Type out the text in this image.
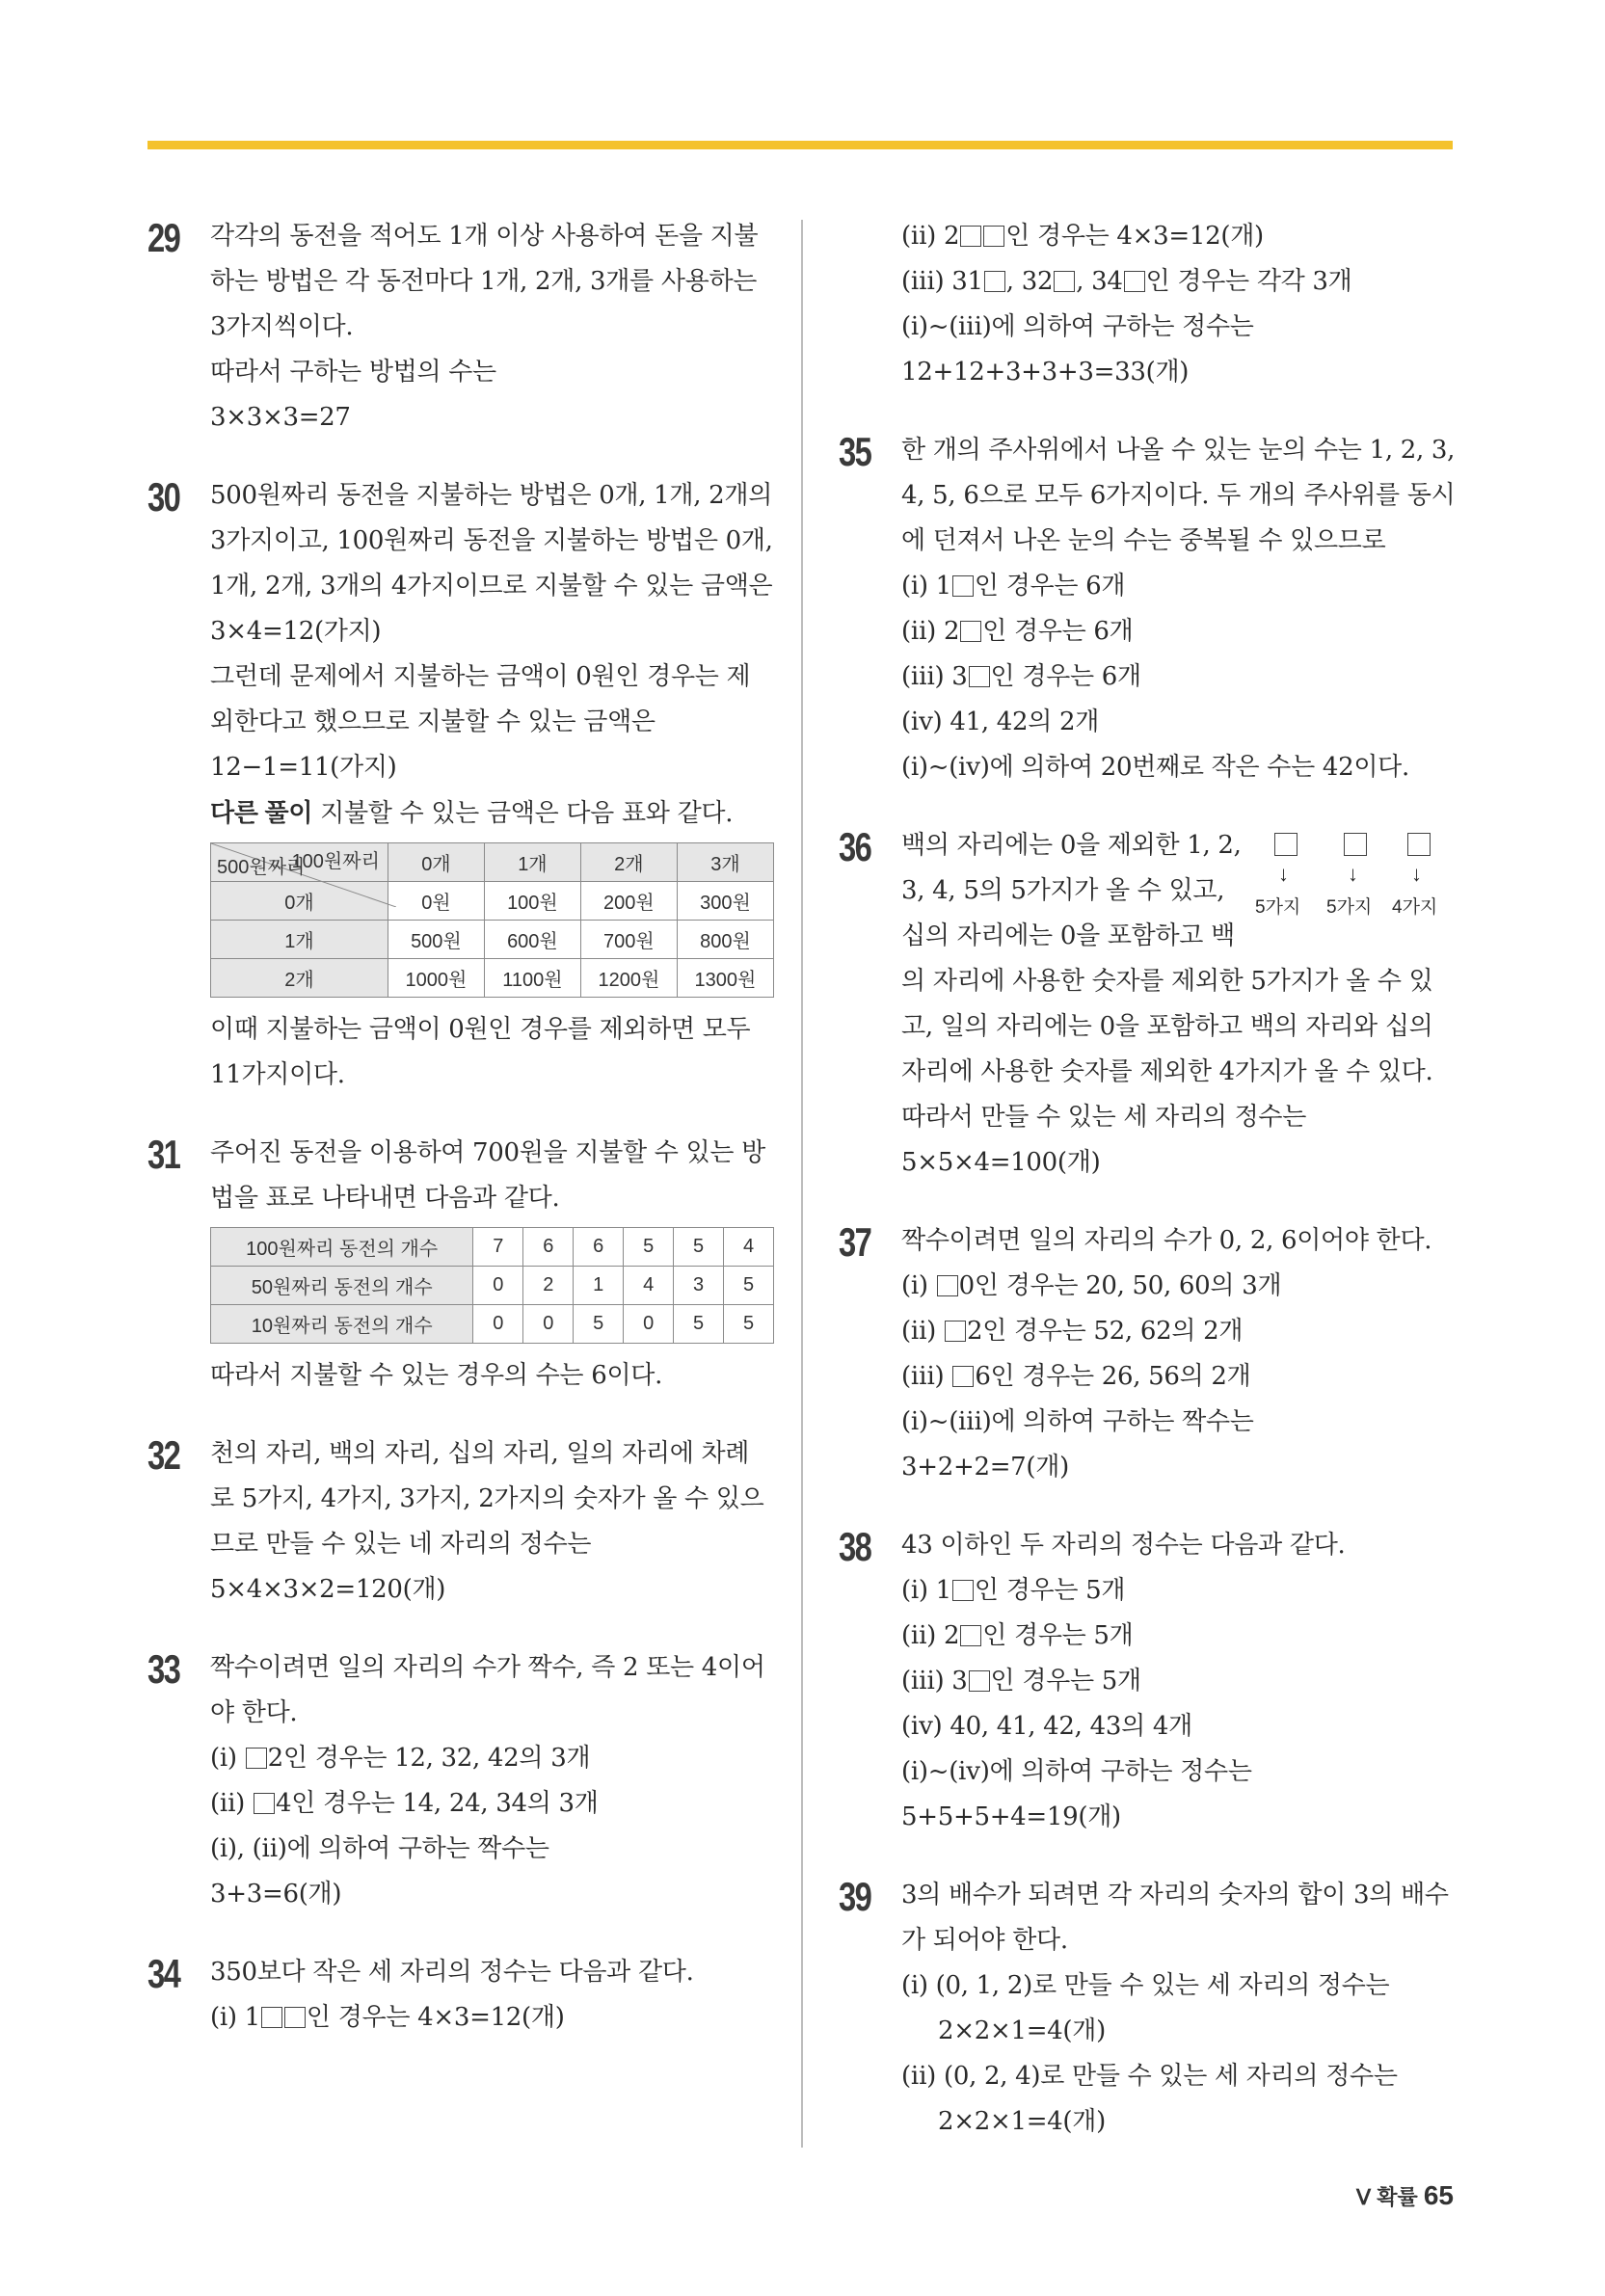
29 각각의 동전을 적어도 1개 이상 사용하여 돈을 지불
하는 방법은 각 동전마다 1개, 2개, 3개를 사용하는
3가지씩이다.
따라서 구하는 방법의 수는
3×3×3=27
30 500원짜리 동전을 지불하는 방법은 0개, 1개, 2개의
3가지이고, 100원짜리 동전을 지불하는 방법은 0개,
1개, 2개, 3개의 4가지이므로 지불할 수 있는 금액은
3×4=12(가지)
그런데 문제에서 지불하는 금액이 0원인 경우는 제
외한다고 했으므로 지불할 수 있는 금액은
12−1=11(가지)
다른 풀이 지불할 수 있는 금액은 다음 표와 같다.
100원짜리
500원짜리	0개	1개	2개	3개
0개	0원	100원	200원	300원
1개	500원	600원	700원	800원
2개	1000원	1100원	1200원	1300원
이때 지불하는 금액이 0원인 경우를 제외하면 모두
11가지이다.
31 주어진 동전을 이용하여 700원을 지불할 수 있는 방
법을 표로 나타내면 다음과 같다.
100원짜리 동전의 개수	7	6	6	5	5	4
50원짜리 동전의 개수	0	2	1	4	3	5
10원짜리 동전의 개수	0	0	5	0	5	5
따라서 지불할 수 있는 경우의 수는 6이다.
32 천의 자리, 백의 자리, 십의 자리, 일의 자리에 차례
로 5가지, 4가지, 3가지, 2가지의 숫자가 올 수 있으
므로 만들 수 있는 네 자리의 정수는
5×4×3×2=120(개)
33 짝수이려면 일의 자리의 수가 짝수, 즉 2 또는 4이어
야 한다.
(ⅰ) 2인 경우는 12, 32, 42의 3개
(ⅱ) 4인 경우는 14, 24, 34의 3개
(ⅰ), (ⅱ)에 의하여 구하는 짝수는
3+3=6(개)
34 350보다 작은 세 자리의 정수는 다음과 같다.
(ⅰ) 1 인 경우는 4×3=12(개)
(ⅱ) 2 인 경우는 4×3=12(개)
(ⅲ) 31 , 32 , 34 인 경우는 각각 3개
(ⅰ)~(ⅲ)에 의하여 구하는 정수는
12+12+3+3+3=33(개)
35 한 개의 주사위에서 나올 수 있는 눈의 수는 1, 2, 3,
4, 5, 6으로 모두 6가지이다. 두 개의 주사위를 동시
에 던져서 나온 눈의 수는 중복될 수 있으므로
(ⅰ) 1 인 경우는 6개
(ⅱ) 2 인 경우는 6개
(ⅲ) 3 인 경우는 6개
(ⅳ) 41, 42의 2개
(ⅰ)~(ⅳ)에 의하여 20번째로 작은 수는 42이다.
36
↓	↓	↓
5가지 5가지 4가지
백의 자리에는 0을 제외한 1, 2,
3, 4, 5의 5가지가 올 수 있고,
십의 자리에는 0을 포함하고 백
의 자리에 사용한 숫자를 제외한 5가지가 올 수 있
고, 일의 자리에는 0을 포함하고 백의 자리와 십의
자리에 사용한 숫자를 제외한 4가지가 올 수 있다.
따라서 만들 수 있는 세 자리의 정수는
5×5×4=100(개)
37 짝수이려면 일의 자리의 수가 0, 2, 6이어야 한다.
(ⅰ) 0인 경우는 20, 50, 60의 3개
(ⅱ) 2인 경우는 52, 62의 2개
(ⅲ) 6인 경우는 26, 56의 2개
(ⅰ)~(ⅲ)에 의하여 구하는 짝수는
3+2+2=7(개)
38 43 이하인 두 자리의 정수는 다음과 같다.
(ⅰ) 1 인 경우는 5개
(ⅱ) 2 인 경우는 5개
(ⅲ) 3 인 경우는 5개
(ⅳ) 40, 41, 42, 43의 4개
(ⅰ)~(ⅳ)에 의하여 구하는 정수는
5+5+5+4=19(개)
39 3의 배수가 되려면 각 자리의 숫자의 합이 3의 배수
가 되어야 한다.
(ⅰ) (0, 1, 2)로 만들 수 있는 세 자리의 정수는
2×2×1=4(개)
(ⅱ) (0, 2, 4)로 만들 수 있는 세 자리의 정수는
2×2×1=4(개)
Ⅴ 확률 65
